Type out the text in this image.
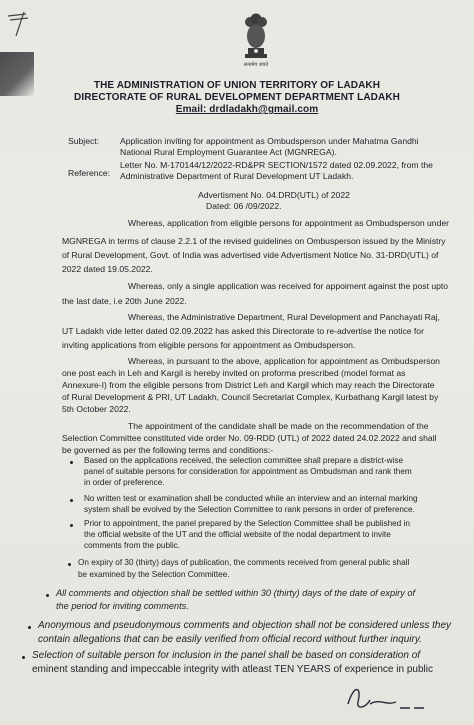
सत्यमेव जयते
THE ADMINISTRATION OF UNION TERRITORY OF LADAKH
DIRECTORATE OF RURAL DEVELOPMENT DEPARTMENT LADAKH
Email: drdladakh@gmail.com
Subject: Application inviting for appointment as Ombudsperson under Mahatma Gandhi
National Rural Employment Guarantee Act (MGNREGA).
Reference:
Letter No. M-170144/12/2022-RD&PR SECTION/1572 dated 02.09.2022, from the
Administrative Department of Rural Development UT Ladakh.
Advertisment No. 04.DRD(UTL) of 2022
Dated: 06 /09/2022.
Whereas, application from eligible persons for appointment as Ombudsperson under
MGNREGA in terms of clause 2.2.1 of the revised guidelines on Ombusperson issued by the Ministry
of Rural Development, Govt. of India was advertised vide Advertisment Notice No. 31-DRD(UTL) of
2022 dated 19.05.2022.
Whereas, only a single application was received for appoiment against the post upto
the last date, i.e 20th June 2022.
Whereas, the Administrative Department, Rural Development and Panchayati Raj,
UT Ladakh vide letter dated 02.09.2022 has asked this Directorate to re-advertise the notice for
inviting applications from eligible persons for appointment as Ombudsperson.
Whereas, in pursuant to the above, application for appointment as Ombudsperson
one post each in Leh and Kargil is hereby invited on proforma prescribed (model format as
Annexure-I) from the eligible persons from District Leh and Kargil which may reach the Directorate
of Rural Development & PRI, UT Ladakh, Council Secretariat Complex, Kurbathang Kargil latest by
5th October 2022.
The appointment of the candidate shall be made on the recommendation of the
Selection Committee constituted vide order No. 09-RDD (UTL) of 2022 dated 24.02.2022 and shall
be governed as per the following terms and conditions:-
Based on the applications received, the selection committee shall prepare a district-wise
panel of suitable persons for consideration for appointment as Ombudsman and rank them
in order of preference.
No written test or examination shall be conducted while an interview and an internal marking
system shall be evolved by the Selection Committee to rank persons in order of preference.
Prior to appointment, the panel prepared by the Selection Committee shall be published in
the official website of the UT and the official website of the nodal department to invite
comments from the public.
On expiry of 30 (thirty) days of publication, the comments received from general public shall
be examined by the Selection Committee.
All comments and objection shall be settled within 30 (thirty) days of the date of expiry of
the period for inviting comments.
Anonymous and pseudonymous comments and objection shall not be considered unless they
contain allegations that can be easily verified from official record without further inquiry.
Selection of suitable person for inclusion in the panel shall be based on consideration of
eminent standing and impeccable integrity with atleast TEN YEARS of experience in public
